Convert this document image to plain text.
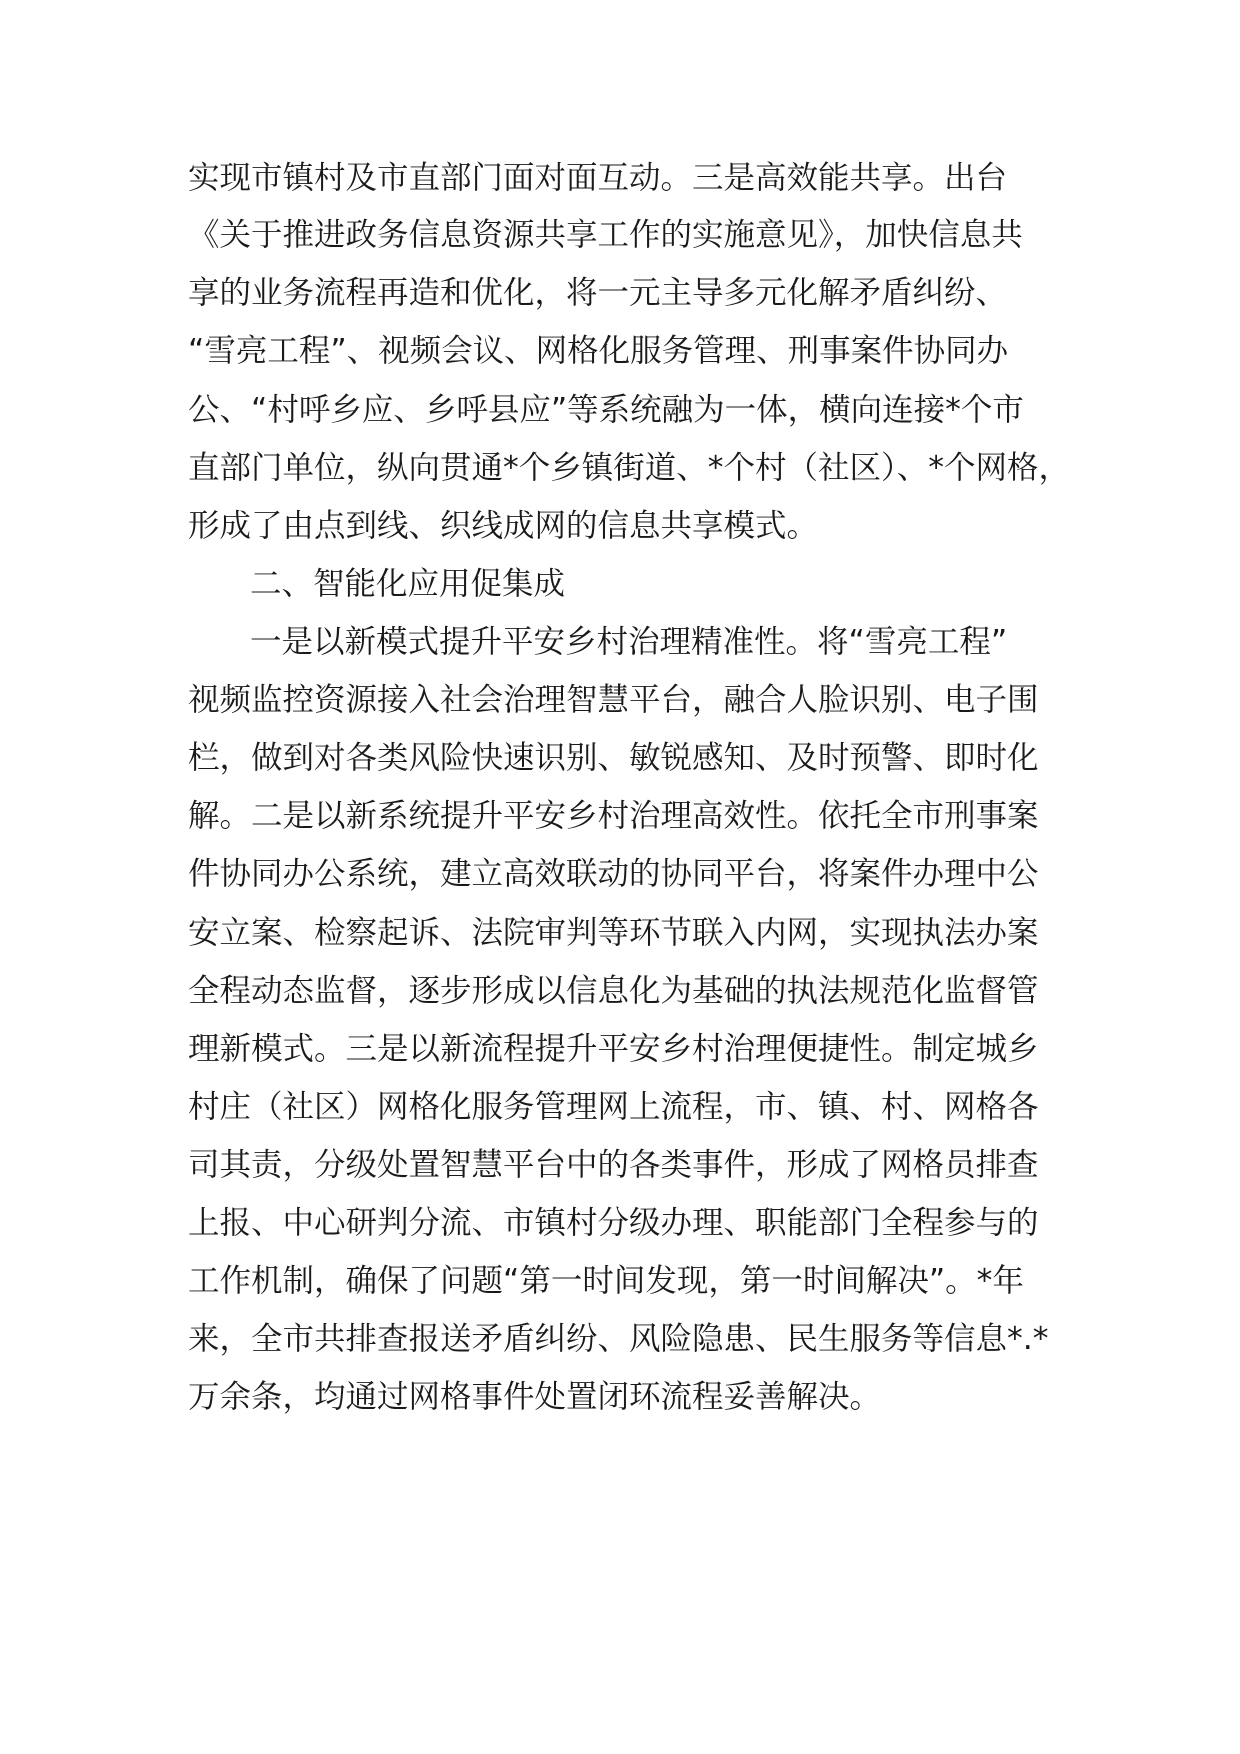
实现市镇村及市直部门面对面互动。三是高效能共享。出台
《关于推进政务信息资源共享工作的实施意见》，加快信息共
享的业务流程再造和优化，将一元主导多元化解矛盾纠纷、
“雪亮工程”、视频会议、网格化服务管理、刑事案件协同办
公、“村呼乡应、乡呼县应”等系统融为一体，横向连接*个市
直部门单位，纵向贯通*个乡镇街道、*个村（社区）、*个网格，
形成了由点到线、织线成网的信息共享模式。
二、智能化应用促集成
一是以新模式提升平安乡村治理精准性。将“雪亮工程”
视频监控资源接入社会治理智慧平台，融合人脸识别、电子围
栏，做到对各类风险快速识别、敏锐感知、及时预警、即时化
解。二是以新系统提升平安乡村治理高效性。依托全市刑事案
件协同办公系统，建立高效联动的协同平台，将案件办理中公
安立案、检察起诉、法院审判等环节联入内网，实现执法办案
全程动态监督，逐步形成以信息化为基础的执法规范化监督管
理新模式。三是以新流程提升平安乡村治理便捷性。制定城乡
村庄（社区）网格化服务管理网上流程，市、镇、村、网格各
司其责，分级处置智慧平台中的各类事件，形成了网格员排查
上报、中心研判分流、市镇村分级办理、职能部门全程参与的
工作机制，确保了问题“第一时间发现，第一时间解决”。*年
来，全市共排查报送矛盾纠纷、风险隐患、民生服务等信息*.*
万余条，均通过网格事件处置闭环流程妥善解决。
